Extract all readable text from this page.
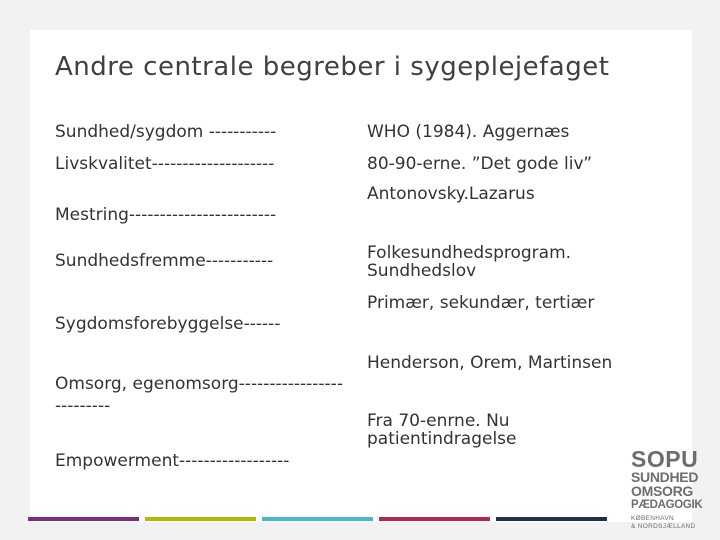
Andre centrale begreber i sygeplejefaget
Sundhed/sygdom -----------
Livskvalitet--------------------
Mestring------------------------
Sundhedsfremme-----------
Sygdomsforebyggelse------
Omsorg, egenomsorg--------------------------
Empowerment------------------
WHO (1984). Aggernæs
80-90-erne. ”Det gode liv”
Antonovsky.Lazarus
Folkesundhedsprogram. Sundhedslov
Primær, sekundær, tertiær
Henderson, Orem, Martinsen
Fra 70-enrne. Nu patientindragelse
SOPU
SUNDHED
OMSORG
PÆDAGOGIK
KØBENHAVN
& NORDSJÆLLAND
